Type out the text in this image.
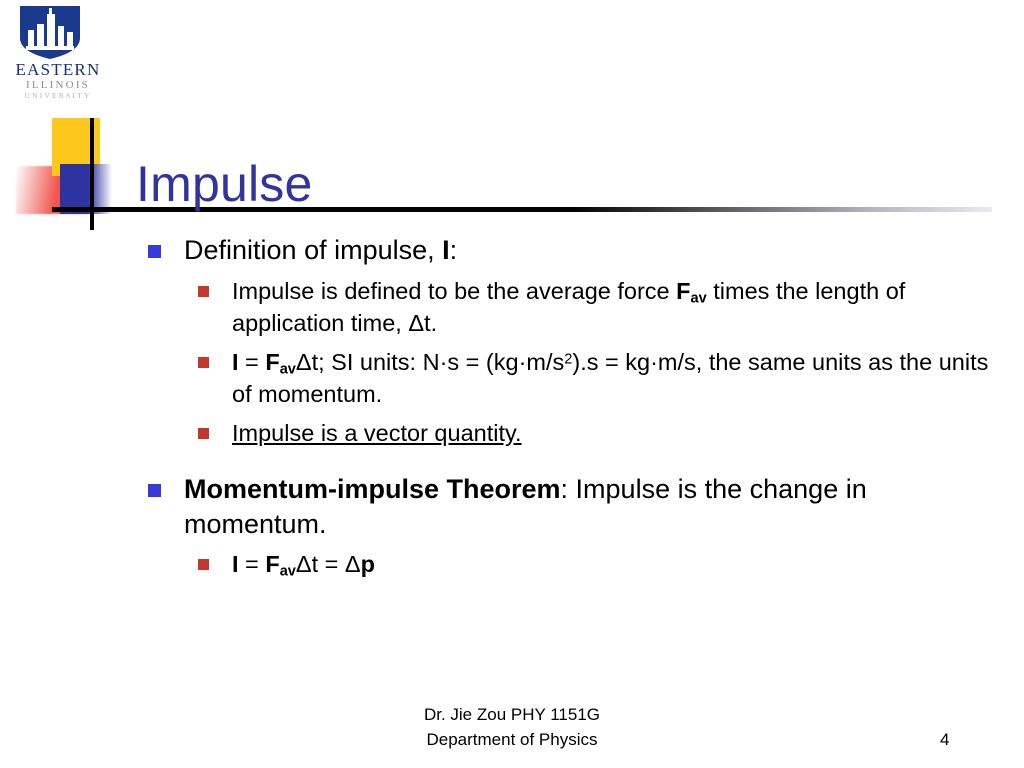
EASTERN
ILLINOIS
UNIVERSITY
Impulse
Definition of impulse, I:
Impulse is defined to be the average force $F_{av}$ times the length of application time, Δt.
$I = F_{av}\Delta t$; SI units: $N\cdot s = (kg\cdot m/s^2).s = kg\cdot m/s$, the same units as the units of momentum.
Impulse is a vector quantity.
Momentum-impulse Theorem: Impulse is the change in momentum.
$I = F_{av}\Delta t = \Delta p$
Dr. Jie Zou PHY 1151G
Department of Physics	4
